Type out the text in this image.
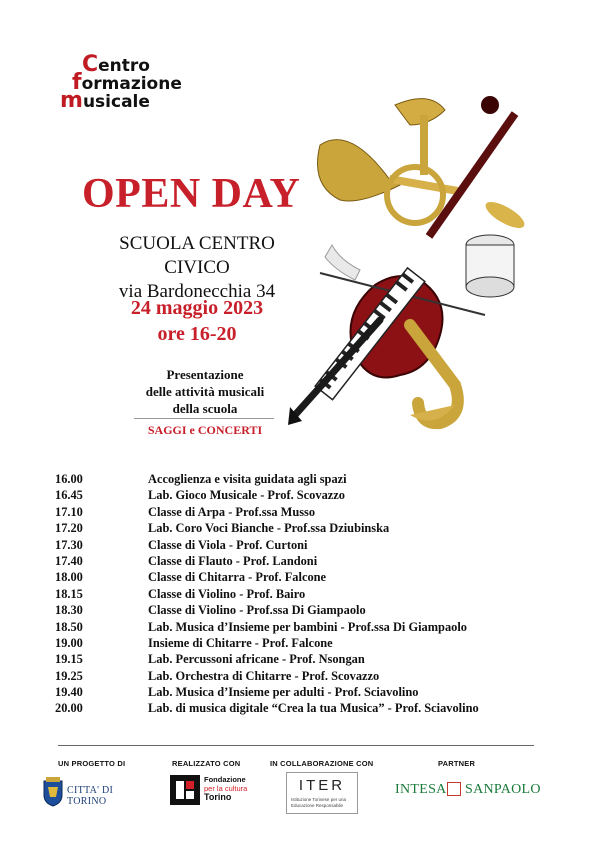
Centro
formazione
musicale
OPEN DAY
SCUOLA CENTRO CIVICO
via Bardonecchia 34
24 maggio 2023
ore 16-20
Presentazione
delle attività musicali
della scuola
SAGGI e CONCERTI
16.00	Accoglienza e visita guidata agli spazi
16.45	Lab. Gioco Musicale - Prof. Scovazzo
17.10	Classe di Arpa - Prof.ssa Musso
17.20	Lab. Coro Voci Bianche - Prof.ssa Dziubinska
17.30	Classe di Viola - Prof. Curtoni
17.40	Classe di Flauto - Prof. Landoni
18.00	Classe di Chitarra - Prof. Falcone
18.15	Classe di Violino - Prof. Bairo
18.30	Classe di Violino - Prof.ssa Di Giampaolo
18.50	Lab. Musica d’Insieme per bambini - Prof.ssa Di Giampaolo
19.00	Insieme di Chitarre - Prof. Falcone
19.15	Lab. Percussoni africane - Prof. Nsongan
19.25	Lab. Orchestra di Chitarre - Prof. Scovazzo
19.40	Lab. Musica d’Insieme per adulti - Prof. Sciavolino
20.00	Lab. di musica digitale “Crea la tua Musica” - Prof. Sciavolino
UN PROGETTO DI	REALIZZATO CON	IN COLLABORAZIONE CON	PARTNER
CITTA' DI TORINO
Fondazione
per la cultura
Torino
ITER
Istituzione Torinese per una Educazione Responsabile
INTESA SANPAOLO
